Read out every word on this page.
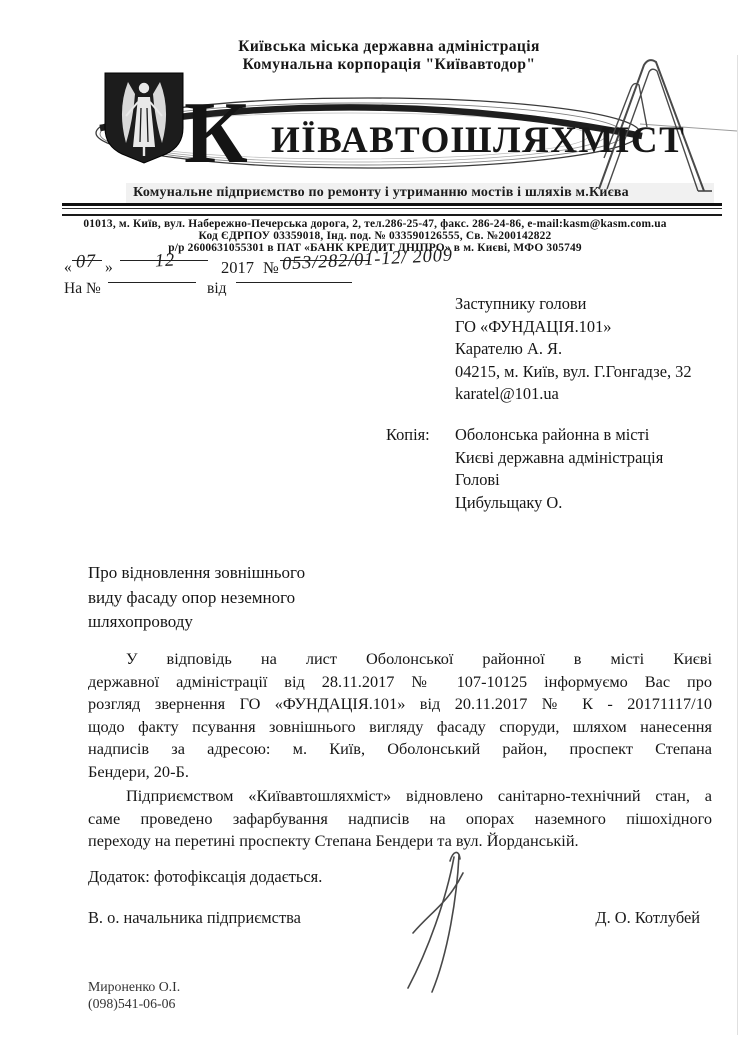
Київська міська державна адміністрація
Комунальна корпорація "Київавтодор"
К ИЇВАВТОШЛЯХМІСТ
Комунальне підприємство по ремонту і утриманню мостів і шляхів м.Києва
01013, м. Київ, вул. Набережно-Печерська дорога, 2, тел.286-25-47, факс. 286-24-86, e-mail:kasm@kasm.com.ua
Код ЄДРПОУ 03359018, Інд. под. № 033590126555, Св. №200142822
р/р 2600631055301 в ПАТ «БАНК КРЕДИТ ДНІПРО» в м. Києві, МФО 305749
« 07 » 12	2017 № 053/282/01-12/ 2009
На №	від
Заступнику голови
ГО «ФУНДАЦІЯ.101»
Карателю А. Я.
04215, м. Київ, вул. Г.Гонгадзе, 32
karatel@101.ua
Копія: Оболонська районна в місті
Києві державна адміністрація
Голові
Цибульщаку О.
Про відновлення зовнішнього
виду фасаду опор неземного
шляхопроводу
У відповідь на лист Оболонської районної в місті Києві
державної адміністрації від 28.11.2017 № 107-10125 інформуємо Вас про
розгляд звернення ГО «ФУНДАЦІЯ.101» від 20.11.2017 № К - 20171117/10
щодо факту псування зовнішнього вигляду фасаду споруди, шляхом нанесення
надписів за адресою: м. Київ, Оболонський район, проспект Степана
Бендери, 20-Б.
Підприємством «Київавтошляхміст» відновлено санітарно-технічний стан, а
саме проведено зафарбування надписів на опорах наземного пішохідного
переходу на перетині проспекту Степана Бендери та вул. Йорданській.
Додаток: фотофіксація додається.
В. о. начальника підприємства	Д. О. Котлубей
Мироненко О.І.
(098)541-06-06
